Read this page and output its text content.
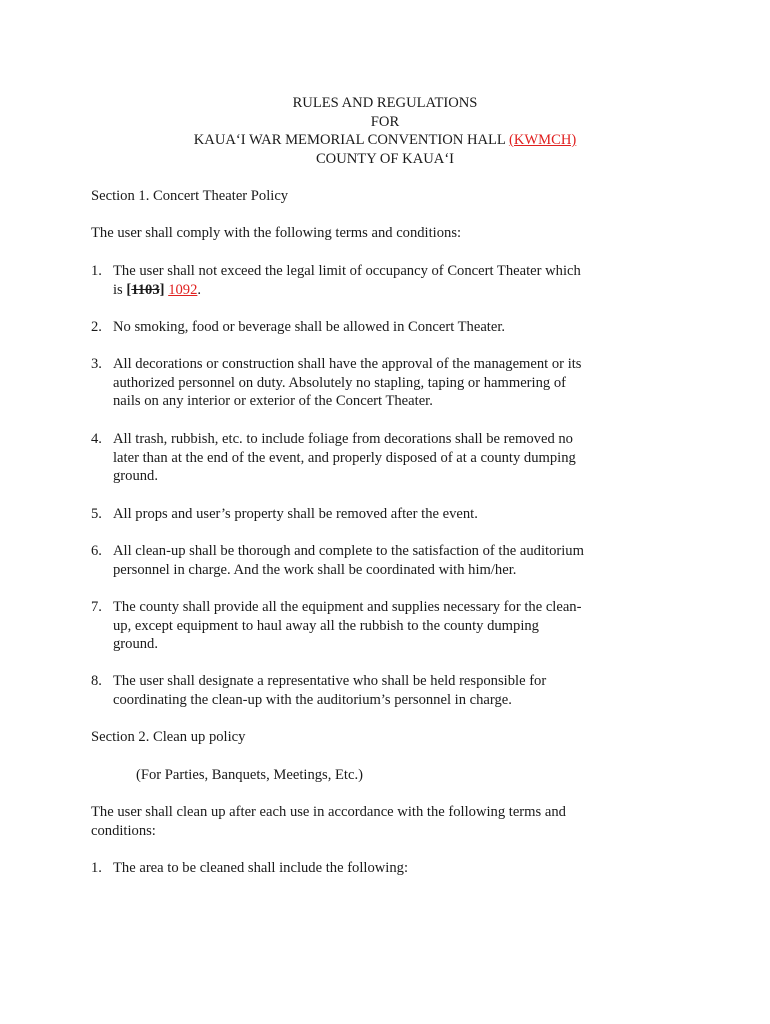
RULES AND REGULATIONS
FOR
KAUA‘I WAR MEMORIAL CONVENTION HALL (KWMCH)
COUNTY OF KAUA‘I
Section 1. Concert Theater Policy
The user shall comply with the following terms and conditions:
1. The user shall not exceed the legal limit of occupancy of Concert Theater which
is [1103] 1092.
2. No smoking, food or beverage shall be allowed in Concert Theater.
3. All decorations or construction shall have the approval of the management or its
authorized personnel on duty. Absolutely no stapling, taping or hammering of
nails on any interior or exterior of the Concert Theater.
4. All trash, rubbish, etc. to include foliage from decorations shall be removed no
later than at the end of the event, and properly disposed of at a county dumping
ground.
5. All props and user’s property shall be removed after the event.
6. All clean-up shall be thorough and complete to the satisfaction of the auditorium
personnel in charge. And the work shall be coordinated with him/her.
7. The county shall provide all the equipment and supplies necessary for the clean-
up, except equipment to haul away all the rubbish to the county dumping
ground.
8. The user shall designate a representative who shall be held responsible for
coordinating the clean-up with the auditorium’s personnel in charge.
Section 2. Clean up policy
(For Parties, Banquets, Meetings, Etc.)
The user shall clean up after each use in accordance with the following terms and
conditions:
1. The area to be cleaned shall include the following:
